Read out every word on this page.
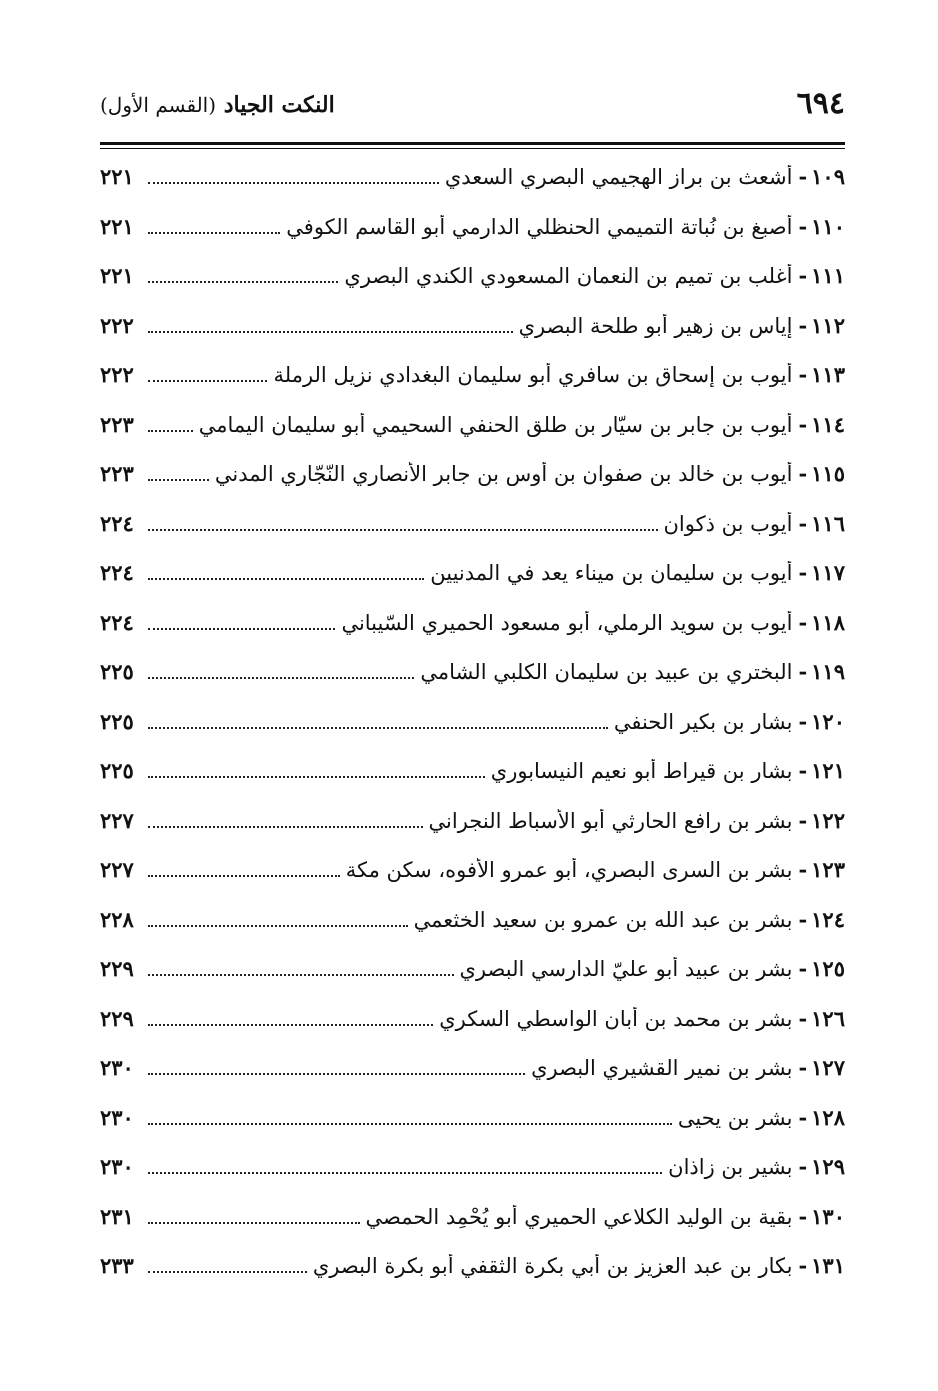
٦٩٤
النكت الجياد (القسم الأول)
١٠٩
-
أشعث بن براز الهجيمي البصري السعدي
٢٢١
١١٠
-
أصبغ بن نُباتة التميمي الحنظلي الدارمي أبو القاسم الكوفي
٢٢١
١١١
-
أغلب بن تميم بن النعمان المسعودي الكندي البصري
٢٢١
١١٢
-
إياس بن زهير أبو طلحة البصري
٢٢٢
١١٣
-
أيوب بن إسحاق بن سافري أبو سليمان البغدادي نزيل الرملة
٢٢٢
١١٤
-
أيوب بن جابر بن سيّار بن طلق الحنفي السحيمي أبو سليمان اليمامي
٢٢٣
١١٥
-
أيوب بن خالد بن صفوان بن أوس بن جابر الأنصاري النّجّاري المدني
٢٢٣
١١٦
-
أيوب بن ذكوان
٢٢٤
١١٧
-
أيوب بن سليمان بن ميناء يعد في المدنيين
٢٢٤
١١٨
-
أيوب بن سويد الرملي، أبو مسعود الحميري السّيباني
٢٢٤
١١٩
-
البختري بن عبيد بن سليمان الكلبي الشامي
٢٢٥
١٢٠
-
بشار بن بكير الحنفي
٢٢٥
١٢١
-
بشار بن قيراط أبو نعيم النيسابوري
٢٢٥
١٢٢
-
بشر بن رافع الحارثي أبو الأسباط النجراني
٢٢٧
١٢٣
-
بشر بن السرى البصري، أبو عمرو الأفوه، سكن مكة
٢٢٧
١٢٤
-
بشر بن عبد الله بن عمرو بن سعيد الخثعمي
٢٢٨
١٢٥
-
بشر بن عبيد أبو عليّ الدارسي البصري
٢٢٩
١٢٦
-
بشر بن محمد بن أبان الواسطي السكري
٢٢٩
١٢٧
-
بشر بن نمير القشيري البصري
٢٣٠
١٢٨
-
بشر بن يحيى
٢٣٠
١٢٩
-
بشير بن زاذان
٢٣٠
١٣٠
-
بقية بن الوليد الكلاعي الحميري أبو يُحْمِد الحمصي
٢٣١
١٣١
-
بكار بن عبد العزيز بن أبي بكرة الثقفي أبو بكرة البصري
٢٣٣
